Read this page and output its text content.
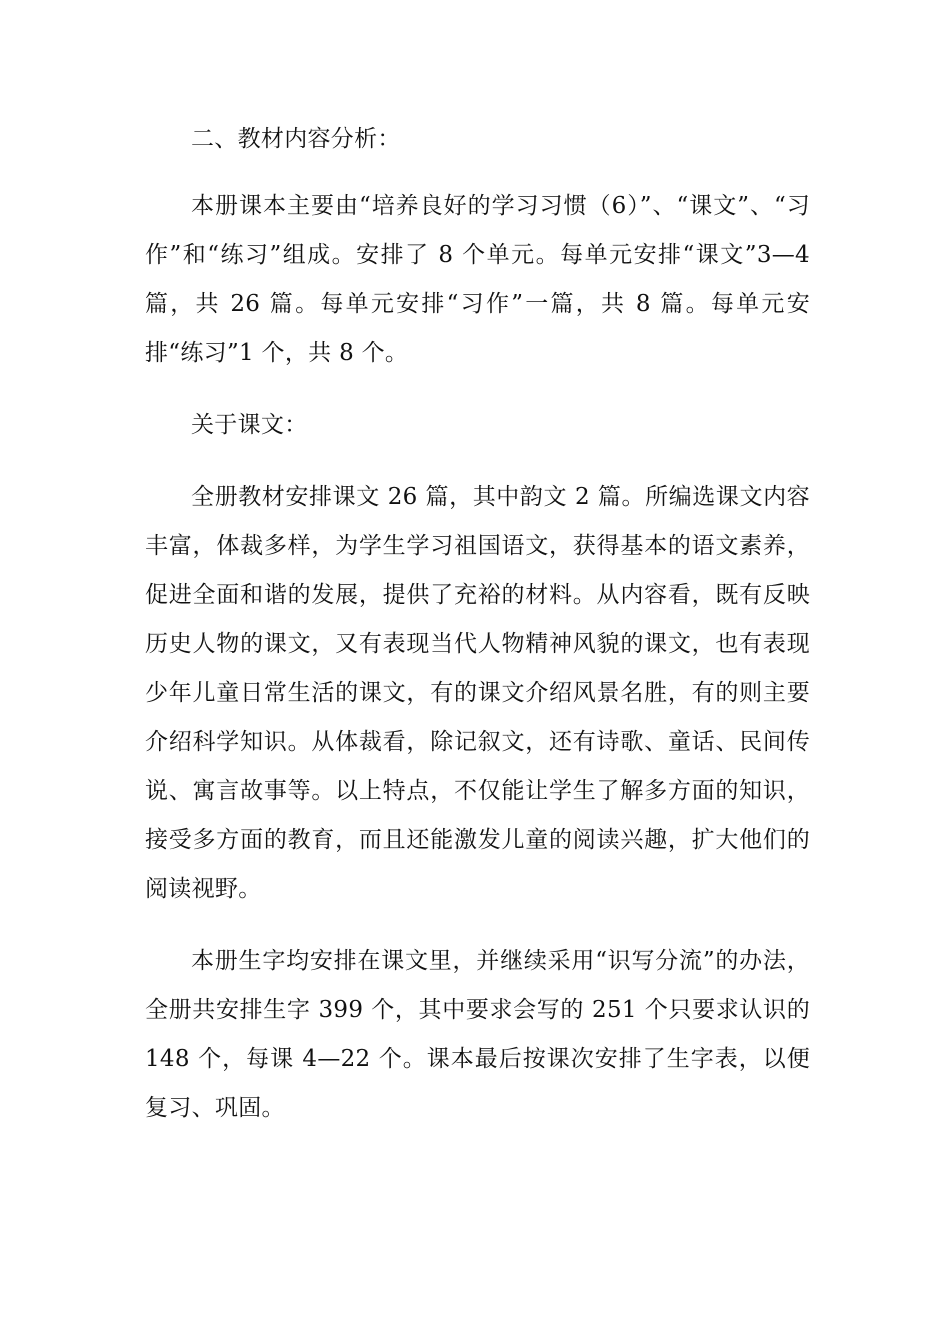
二、教材内容分析：

本册课本主要由“培养良好的学习习惯（6）”、“课文”、“习作”和“练习”组成。安排了 8 个单元。每单元安排“课文”3—4 篇，共 26 篇。每单元安排“习作”一篇，共 8 篇。每单元安排“练习”1 个，共 8 个。

关于课文：

全册教材安排课文 26 篇，其中韵文 2 篇。所编选课文内容丰富，体裁多样，为学生学习祖国语文，获得基本的语文素养，促进全面和谐的发展，提供了充裕的材料。从内容看，既有反映历史人物的课文，又有表现当代人物精神风貌的课文，也有表现少年儿童日常生活的课文，有的课文介绍风景名胜，有的则主要介绍科学知识。从体裁看，除记叙文，还有诗歌、童话、民间传说、寓言故事等。以上特点，不仅能让学生了解多方面的知识，接受多方面的教育，而且还能激发儿童的阅读兴趣，扩大他们的阅读视野。

本册生字均安排在课文里，并继续采用“识写分流”的办法，全册共安排生字 399 个，其中要求会写的 251 个只要求认识的 148 个，每课 4—22 个。课本最后按课次安排了生字表，以便复习、巩固。
